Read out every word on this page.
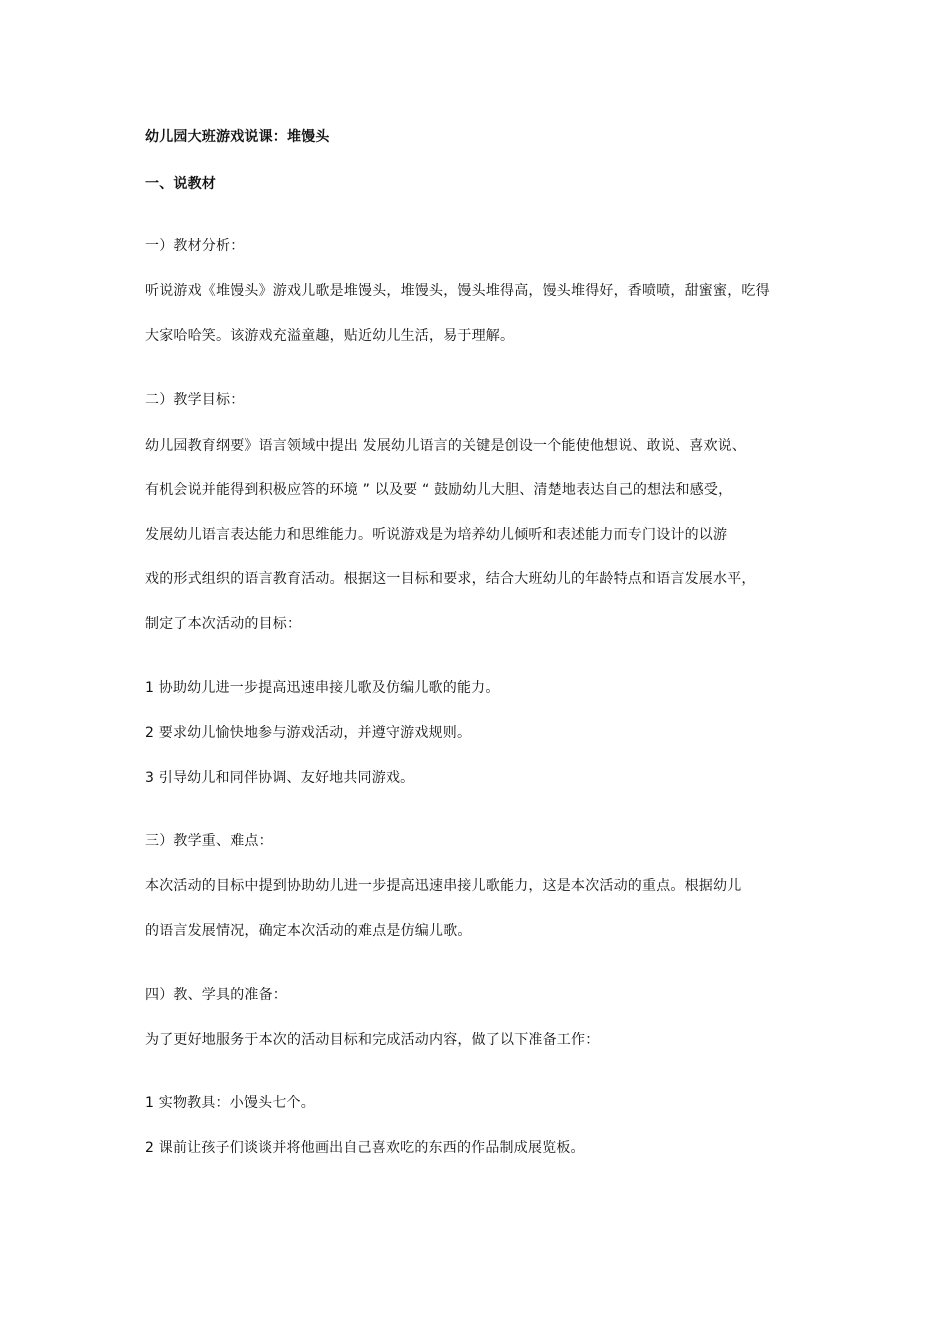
幼儿园大班游戏说课：堆馒头
一、说教材
一）教材分析：
听说游戏《堆馒头》游戏儿歌是堆馒头，堆馒头，馒头堆得高，馒头堆得好，香喷喷，甜蜜蜜，吃得
大家哈哈笑。该游戏充溢童趣，贴近幼儿生活，易于理解。
二）教学目标：
幼儿园教育纲要》语言领域中提出 发展幼儿语言的关键是创设一个能使他想说、敢说、喜欢说、
有机会说并能得到积极应答的环境 ” 以及要 “ 鼓励幼儿大胆、清楚地表达自己的想法和感受，
发展幼儿语言表达能力和思维能力。听说游戏是为培养幼儿倾听和表述能力而专门设计的以游
戏的形式组织的语言教育活动。根据这一目标和要求，结合大班幼儿的年龄特点和语言发展水平，
制定了本次活动的目标：
1 协助幼儿进一步提高迅速串接儿歌及仿编儿歌的能力。
2 要求幼儿愉快地参与游戏活动，并遵守游戏规则。
3 引导幼儿和同伴协调、友好地共同游戏。
三）教学重、难点：
本次活动的目标中提到协助幼儿进一步提高迅速串接儿歌能力，这是本次活动的重点。根据幼儿
的语言发展情况，确定本次活动的难点是仿编儿歌。
四）教、学具的准备：
为了更好地服务于本次的活动目标和完成活动内容，做了以下准备工作：
1 实物教具：小馒头七个。
2 课前让孩子们谈谈并将他画出自己喜欢吃的东西的作品制成展览板。
